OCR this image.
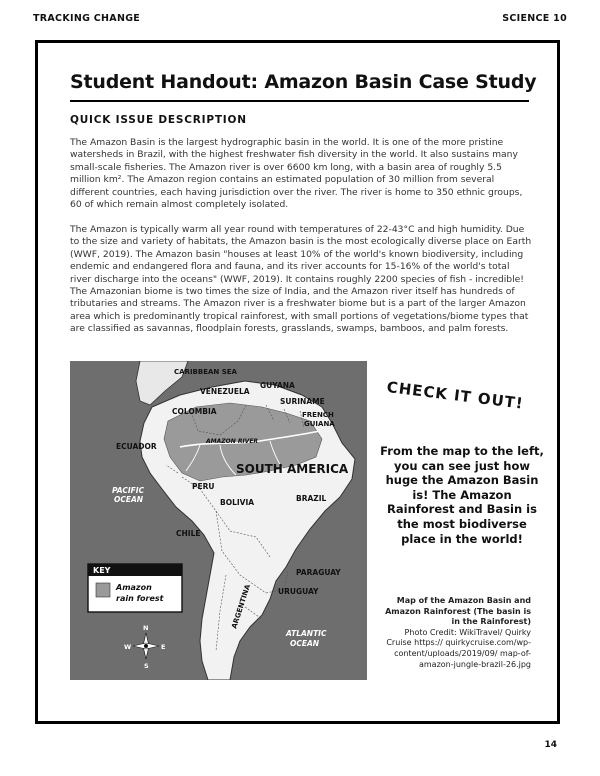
TRACKING CHANGE	SCIENCE 10
Student Handout: Amazon Basin Case Study
QUICK ISSUE DESCRIPTION
The Amazon Basin is the largest hydrographic basin in the world. It is one of the more pristine watersheds in Brazil, with the highest freshwater fish diversity in the world. It also sustains many small-scale fisheries. The Amazon river is over 6600 km long, with a basin area of roughly 5.5 million km². The Amazon region contains an estimated population of 30 million from several different countries, each having jurisdiction over the river. The river is home to 350 ethnic groups, 60 of which remain almost completely isolated.
The Amazon is typically warm all year round with temperatures of 22-43°C and high humidity. Due to the size and variety of habitats, the Amazon basin is the most ecologically diverse place on Earth (WWF, 2019). The Amazon basin "houses at least 10% of the world's known biodiversity, including endemic and endangered flora and fauna, and its river accounts for 15-16% of the world's total river discharge into the oceans" (WWF, 2019). It contains roughly 2200 species of fish - incredible! The Amazonian biome is two times the size of India, and the Amazon river itself has hundreds of tributaries and streams. The Amazon river is a freshwater biome but is a part of the larger Amazon area which is predominantly tropical rainforest, with small portions of vegetations/biome types that are classified as savannas, floodplain forests, grasslands, swamps, bamboos, and palm forests.
CARIBBEAN SEA
VENEZUELA
GUYANA
SURINAME
COLOMBIA	FRENCH
GUIANA
AMAZON RIVER
ECUADOR
SOUTH AMERICA
PACIFIC
OCEAN
PERU
BOLIVIA	BRAZIL
CHILE
PARAGUAY
ARGENTINA	URUGUAY
ATLANTIC
OCEAN
KEY
Amazon
rain forest
N
S
E
W
CHECK IT OUT!
From the map to the left, you can see just how huge the Amazon Basin is! The Amazon Rainforest and Basin is the most biodiverse place in the world!
Map of the Amazon Basin and Amazon Rainforest (The basin is in the Rainforest)
Photo Credit: WikiTravel/ Quirky Cruise https:// quirkycruise.com/wp-content/uploads/2019/09/ map-of-amazon-jungle-brazil-26.jpg
14
